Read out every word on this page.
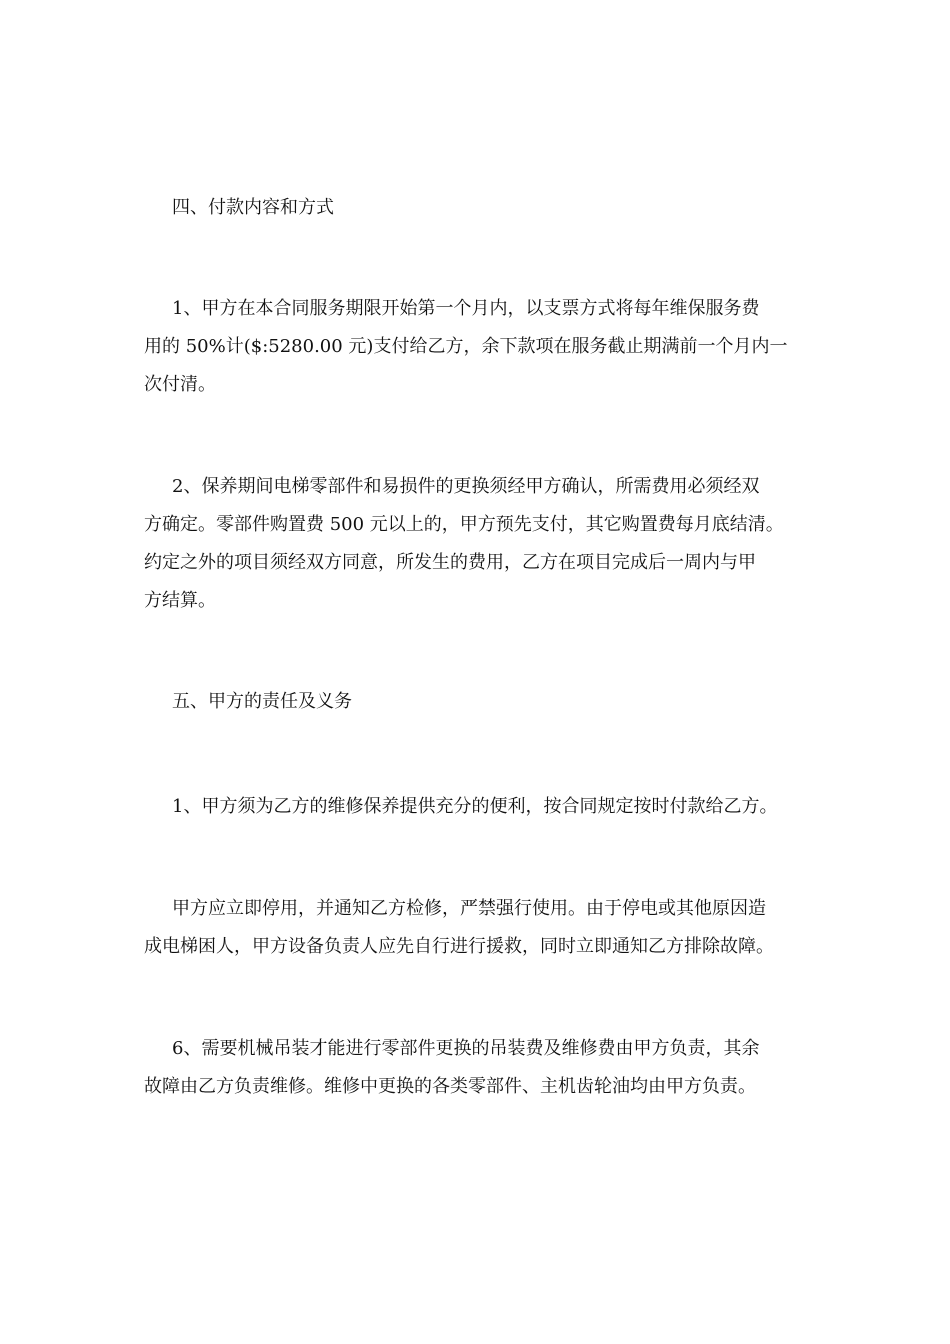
四、付款内容和方式
1、甲方在本合同服务期限开始第一个月内，以支票方式将每年维保服务费
用的 50%计($:5280.00 元)支付给乙方，余下款项在服务截止期满前一个月内一
次付清。
2、保养期间电梯零部件和易损件的更换须经甲方确认，所需费用必须经双
方确定。零部件购置费 500 元以上的，甲方预先支付，其它购置费每月底结清。
约定之外的项目须经双方同意，所发生的费用，乙方在项目完成后一周内与甲
方结算。
五、甲方的责任及义务
1、甲方须为乙方的维修保养提供充分的便利，按合同规定按时付款给乙方。
甲方应立即停用，并通知乙方检修，严禁强行使用。由于停电或其他原因造
成电梯困人，甲方设备负责人应先自行进行援救，同时立即通知乙方排除故障。
6、需要机械吊装才能进行零部件更换的吊装费及维修费由甲方负责，其余
故障由乙方负责维修。维修中更换的各类零部件、主机齿轮油均由甲方负责。
